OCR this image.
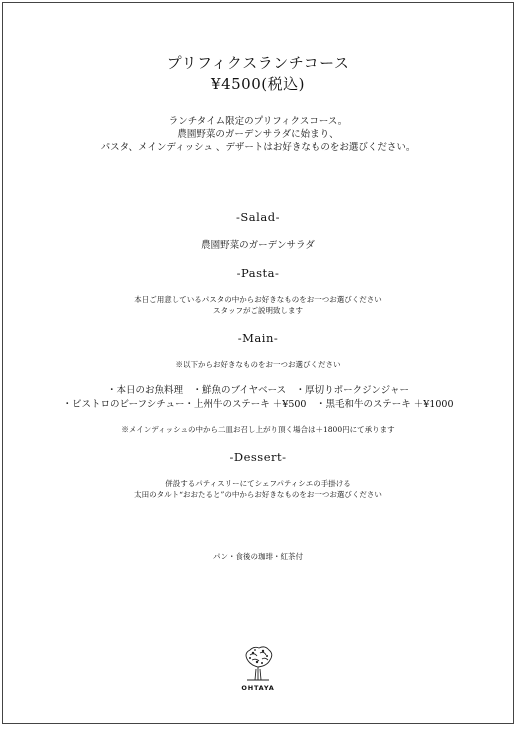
プリフィクスランチコース
¥4500(税込)
ランチタイム限定のプリフィクスコース。
農園野菜のガーデンサラダに始まり、
パスタ、メインディッシュ 、デザートはお好きなものをお選びください。
-Salad-
農園野菜のガーデンサラダ
-Pasta-
本日ご用意しているパスタの中からお好きなものをお一つお選びください
スタッフがご説明致します
-Main-
※以下からお好きなものをお一つお選びください
・本日のお魚料理　・鮮魚のブイヤベース　・厚切りポークジンジャー
・ビストロのビーフシチュー・上州牛のステーキ ＋¥500　・黒毛和牛のステーキ ＋¥1000
※メインディッシュの中から二皿お召し上がり頂く場合は＋1800円にて承ります
-Dessert-
併設するパティスリーにてシェフパティシエの手掛ける
太田のタルト“おおたると”の中からお好きなものをお一つお選びください
パン・食後の珈琲・紅茶付
OHTAYA
